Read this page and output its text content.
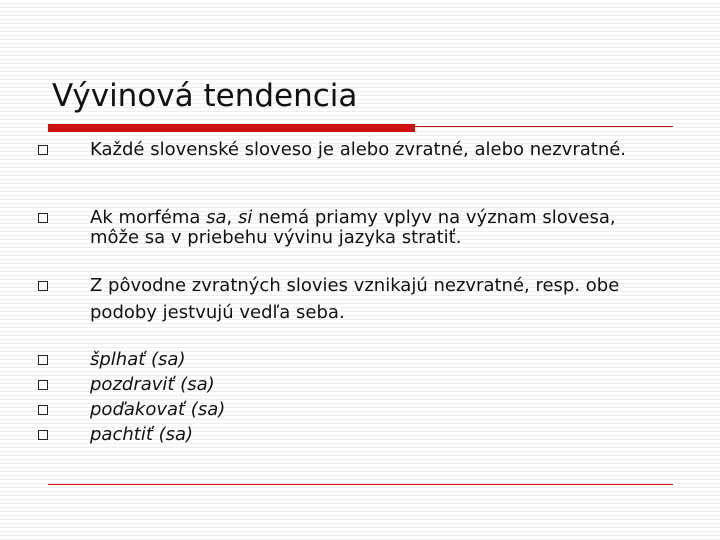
Vývinová tendencia
Každé slovenské sloveso je alebo zvratné, alebo nezvratné.
Ak morféma sa, si nemá priamy vplyv na význam slovesa, môže sa v priebehu vývinu jazyka stratiť.
Z pôvodne zvratných slovies vznikajú nezvratné, resp. obe podoby jestvujú vedľa seba.
šplhať (sa)
pozdraviť (sa)
poďakovať (sa)
pachtiť (sa)
